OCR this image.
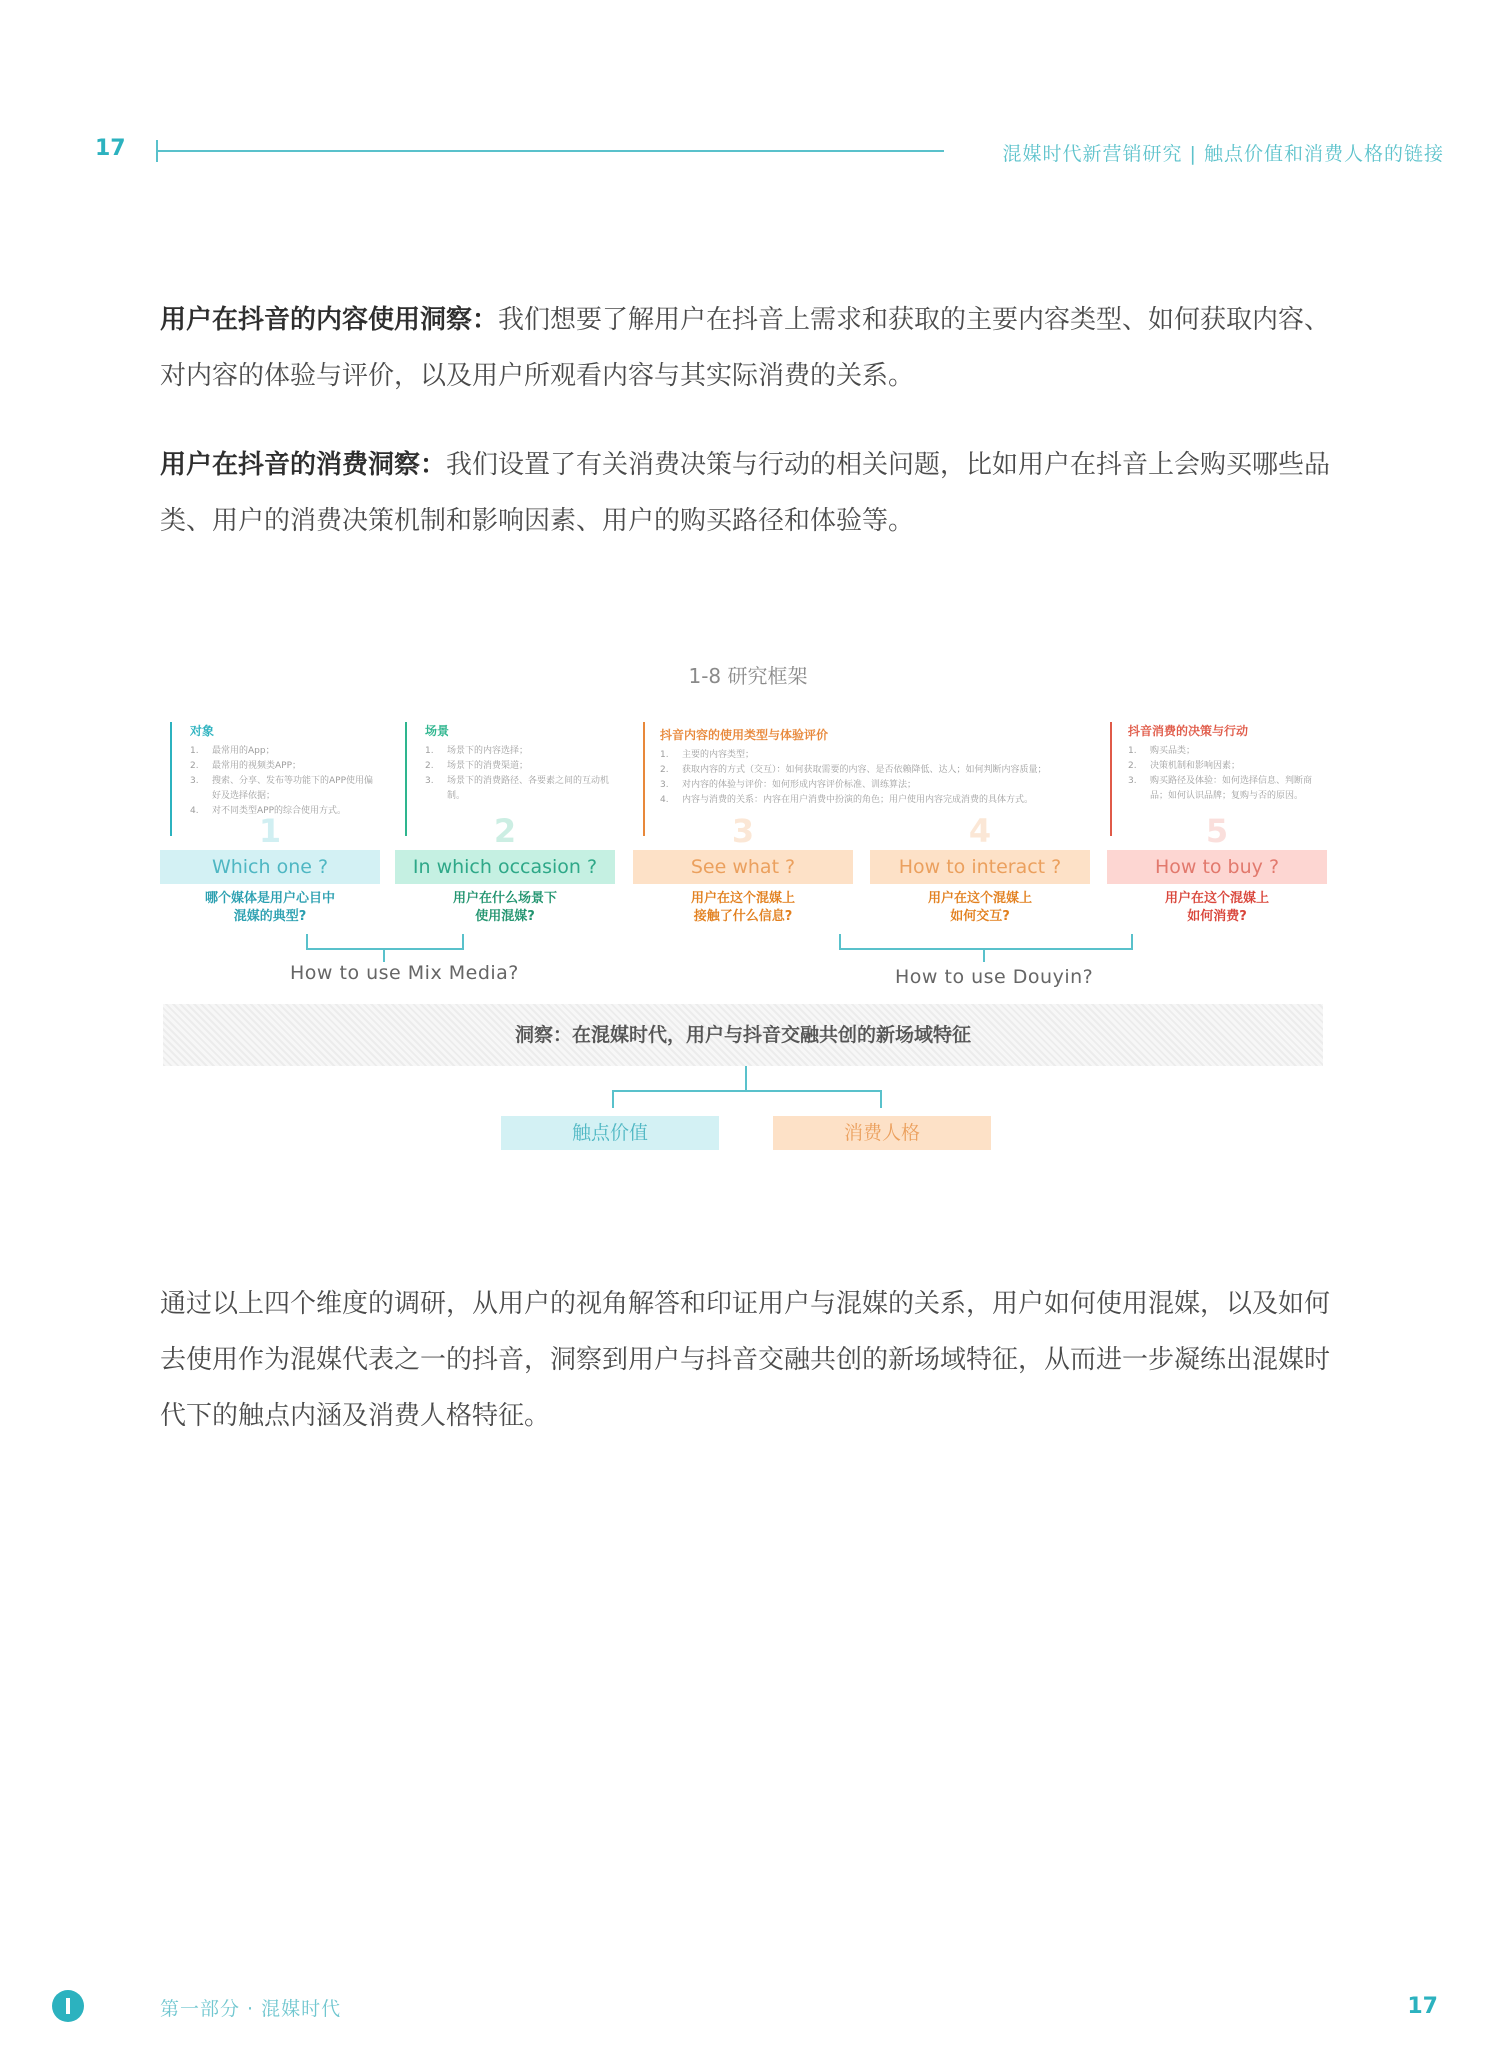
17	混媒时代新营销研究 | 触点价值和消费人格的链接
用户在抖音的内容使用洞察：我们想要了解用户在抖音上需求和获取的主要内容类型、如何获取内容、对内容的体验与评价，以及用户所观看内容与其实际消费的关系。
用户在抖音的消费洞察：我们设置了有关消费决策与行动的相关问题，比如用户在抖音上会购买哪些品类、用户的消费决策机制和影响因素、用户的购买路径和体验等。
1-8 研究框架
对象
1.	最常用的App；
2.	最常用的视频类APP；
3.	搜索、分享、发布等功能下的APP使用偏好及选择依据；
4.	对不同类型APP的综合使用方式。
场景
1.	场景下的内容选择；
2.	场景下的消费渠道；
3.	场景下的消费路径、各要素之间的互动机制。
抖音内容的使用类型与体验评价
1.	主要的内容类型；
2.	获取内容的方式（交互）：如何获取需要的内容、是否依赖降低、达人；如何判断内容质量；
3.	对内容的体验与评价：如何形成内容评价标准、训练算法；
4.	内容与消费的关系：内容在用户消费中扮演的角色；用户使用内容完成消费的具体方式。
抖音消费的决策与行动
1.	购买品类；
2.	决策机制和影响因素；
3.	购买路径及体验：如何选择信息、判断商品；如何认识品牌；复购与否的原因。
1
Which one ?
哪个媒体是用户心目中
混媒的典型?
2
In which occasion ?
用户在什么场景下
使用混媒?
3
See what ?
用户在这个混媒上
接触了什么信息?
4
How to interact ?
用户在这个混媒上
如何交互?
5
How to buy ?
用户在这个混媒上
如何消费?
How to use Mix Media?	How to use Douyin?
洞察：在混媒时代，用户与抖音交融共创的新场域特征
触点价值	消费人格
通过以上四个维度的调研，从用户的视角解答和印证用户与混媒的关系，用户如何使用混媒，以及如何去使用作为混媒代表之一的抖音，洞察到用户与抖音交融共创的新场域特征，从而进一步凝练出混媒时代下的触点内涵及消费人格特征。
第一部分 · 混媒时代	17
